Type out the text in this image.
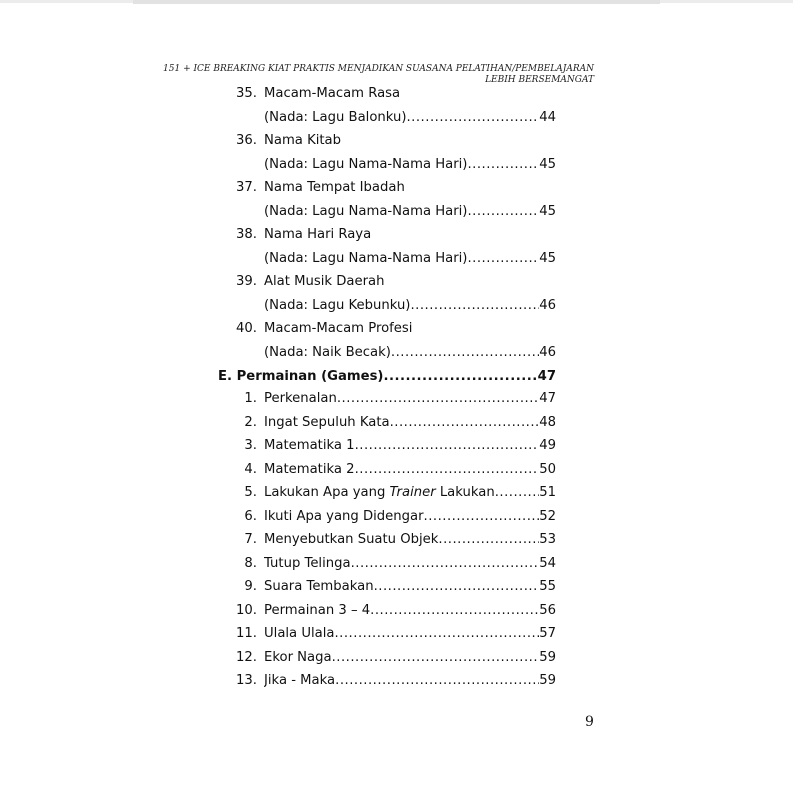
151 + ICE BREAKING KIAT PRAKTIS MENJADIKAN SUASANA PELATIHAN/PEMBELAJARAN
LEBIH BERSEMANGAT
35. Macam-Macam Rasa
(Nada: Lagu Balonku) .....	44
36. Nama Kitab
(Nada: Lagu Nama-Nama Hari) .....	45
37. Nama Tempat Ibadah
(Nada: Lagu Nama-Nama Hari) .....	45
38. Nama Hari Raya
(Nada: Lagu Nama-Nama Hari) .....	45
39. Alat Musik Daerah
(Nada: Lagu Kebunku) .....	46
40. Macam-Macam Profesi
(Nada: Naik Becak) .....	46
E. Permainan (Games) .....	47
1. Perkenalan .....	47
2. Ingat Sepuluh Kata .....	48
3. Matematika 1 .....	49
4. Matematika 2 .....	50
5. Lakukan Apa yang Trainer Lakukan .....	51
6. Ikuti Apa yang Didengar .....	52
7. Menyebutkan Suatu Objek .....	53
8. Tutup Telinga .....	54
9. Suara Tembakan .....	55
10. Permainan 3 – 4 .....	56
11. Ulala Ulala .....	57
12. Ekor Naga .....	59
13. Jika - Maka .....	59
9
